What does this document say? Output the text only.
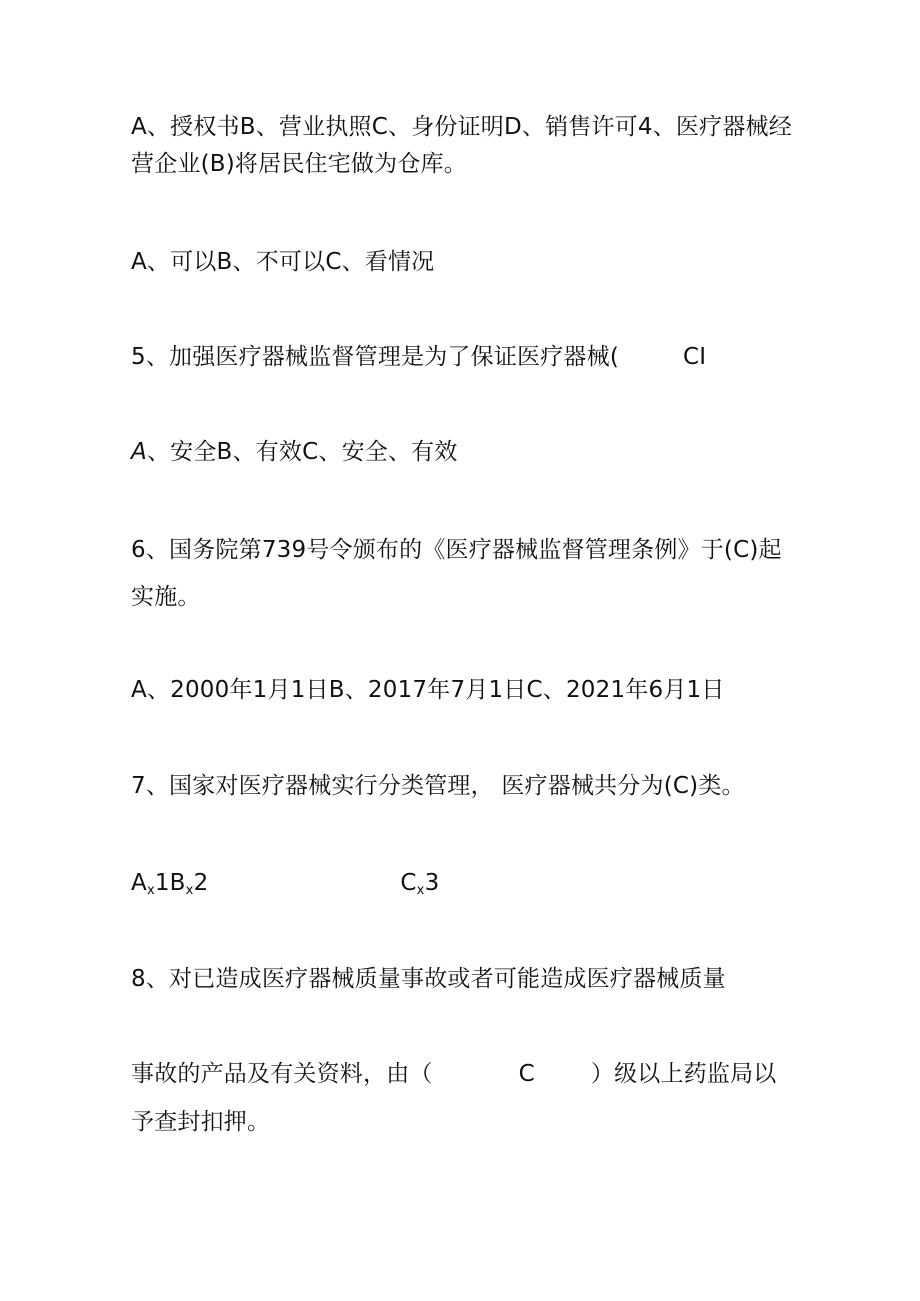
A、授权书B、营业执照C、身份证明D、销售许可4、医疗器械经
营企业(B)将居民住宅做为仓库。
A、可以B、不可以C、看情况
5、加强医疗器械监督管理是为了保证医疗器械(	CI
A、安全B、有效C、安全、有效
6、国务院第739号令颁布的《医疗器械监督管理条例》于(C)起
实施。
A、2000年1月1日B、2017年7月1日C、2021年6月1日
7、国家对医疗器械实行分类管理， 医疗器械共分为(C)类。
$A_x1B_x2$	$C_x3$
8、对已造成医疗器械质量事故或者可能造成医疗器械质量
事故的产品及有关资料，由（	C ）级以上药监局以
予查封扣押。
